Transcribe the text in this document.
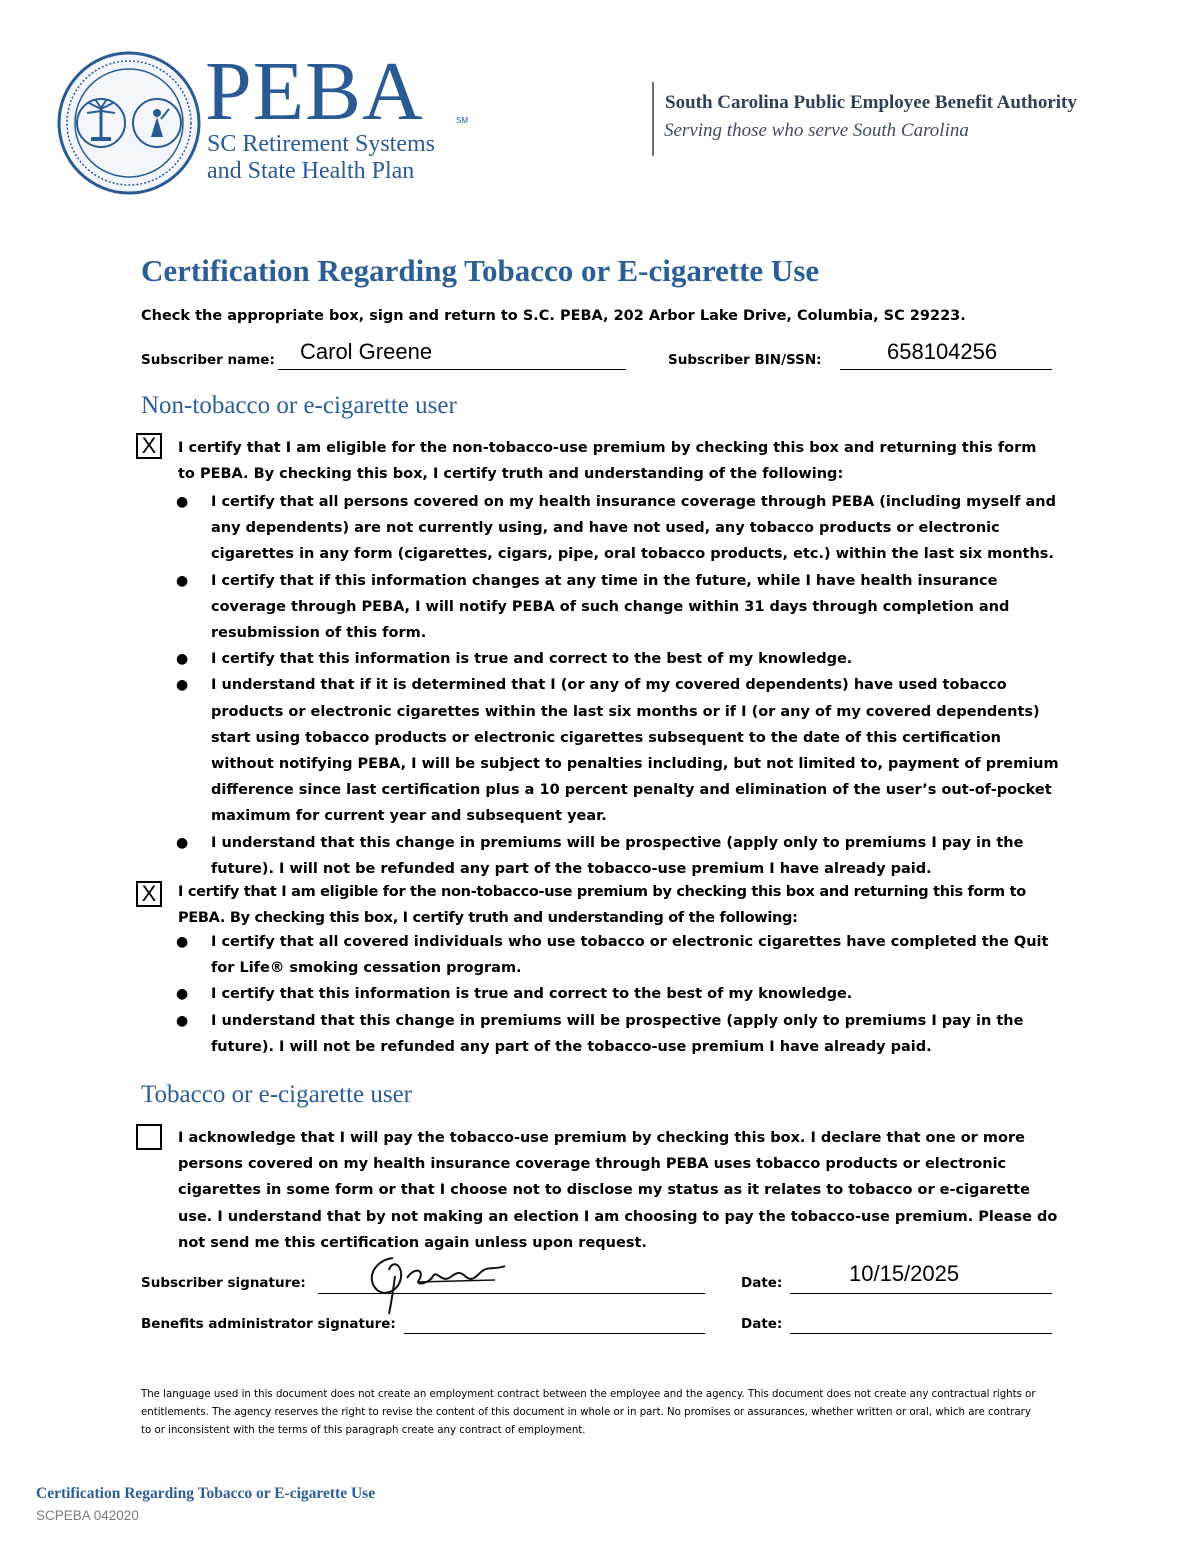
PEBA	SM
SC Retirement Systems
and State Health Plan
South Carolina Public Employee Benefit Authority
Serving those who serve South Carolina
Certification Regarding Tobacco or E-cigarette Use
Check the appropriate box, sign and return to S.C. PEBA, 202 Arbor Lake Drive, Columbia, SC 29223.
Subscriber name: Carol Greene	Subscriber BIN/SSN:	658104256
Non-tobacco or e-cigarette user
X	I certify that I am eligible for the non-tobacco-use premium by checking this box and returning this form to PEBA. By checking this box, I certify truth and understanding of the following:
● I certify that all persons covered on my health insurance coverage through PEBA (including myself and any dependents) are not currently using, and have not used, any tobacco products or electronic cigarettes in any form (cigarettes, cigars, pipe, oral tobacco products, etc.) within the last six months.
● I certify that if this information changes at any time in the future, while I have health insurance coverage through PEBA, I will notify PEBA of such change within 31 days through completion and resubmission of this form.
● I certify that this information is true and correct to the best of my knowledge.
● I understand that if it is determined that I (or any of my covered dependents) have used tobacco products or electronic cigarettes within the last six months or if I (or any of my covered dependents) start using tobacco products or electronic cigarettes subsequent to the date of this certification without notifying PEBA, I will be subject to penalties including, but not limited to, payment of premium difference since last certification plus a 10 percent penalty and elimination of the user’s out-of-pocket maximum for current year and subsequent year.
● I understand that this change in premiums will be prospective (apply only to premiums I pay in the future). I will not be refunded any part of the tobacco-use premium I have already paid.
X	I certify that I am eligible for the non-tobacco-use premium by checking this box and returning this form to PEBA. By checking this box, I certify truth and understanding of the following:
● I certify that all covered individuals who use tobacco or electronic cigarettes have completed the Quit for Life® smoking cessation program.
● I certify that this information is true and correct to the best of my knowledge.
● I understand that this change in premiums will be prospective (apply only to premiums I pay in the future). I will not be refunded any part of the tobacco-use premium I have already paid.
Tobacco or e-cigarette user
I acknowledge that I will pay the tobacco-use premium by checking this box. I declare that one or more persons covered on my health insurance coverage through PEBA uses tobacco products or electronic cigarettes in some form or that I choose not to disclose my status as it relates to tobacco or e-cigarette use. I understand that by not making an election I am choosing to pay the tobacco-use premium. Please do not send me this certification again unless upon request.
Subscriber signature:	Date:	10/15/2025
Benefits administrator signature:	Date:
The language used in this document does not create an employment contract between the employee and the agency. This document does not create any contractual rights or entitlements. The agency reserves the right to revise the content of this document in whole or in part. No promises or assurances, whether written or oral, which are contrary to or inconsistent with the terms of this paragraph create any contract of employment.
Certification Regarding Tobacco or E-cigarette Use
SCPEBA 042020
